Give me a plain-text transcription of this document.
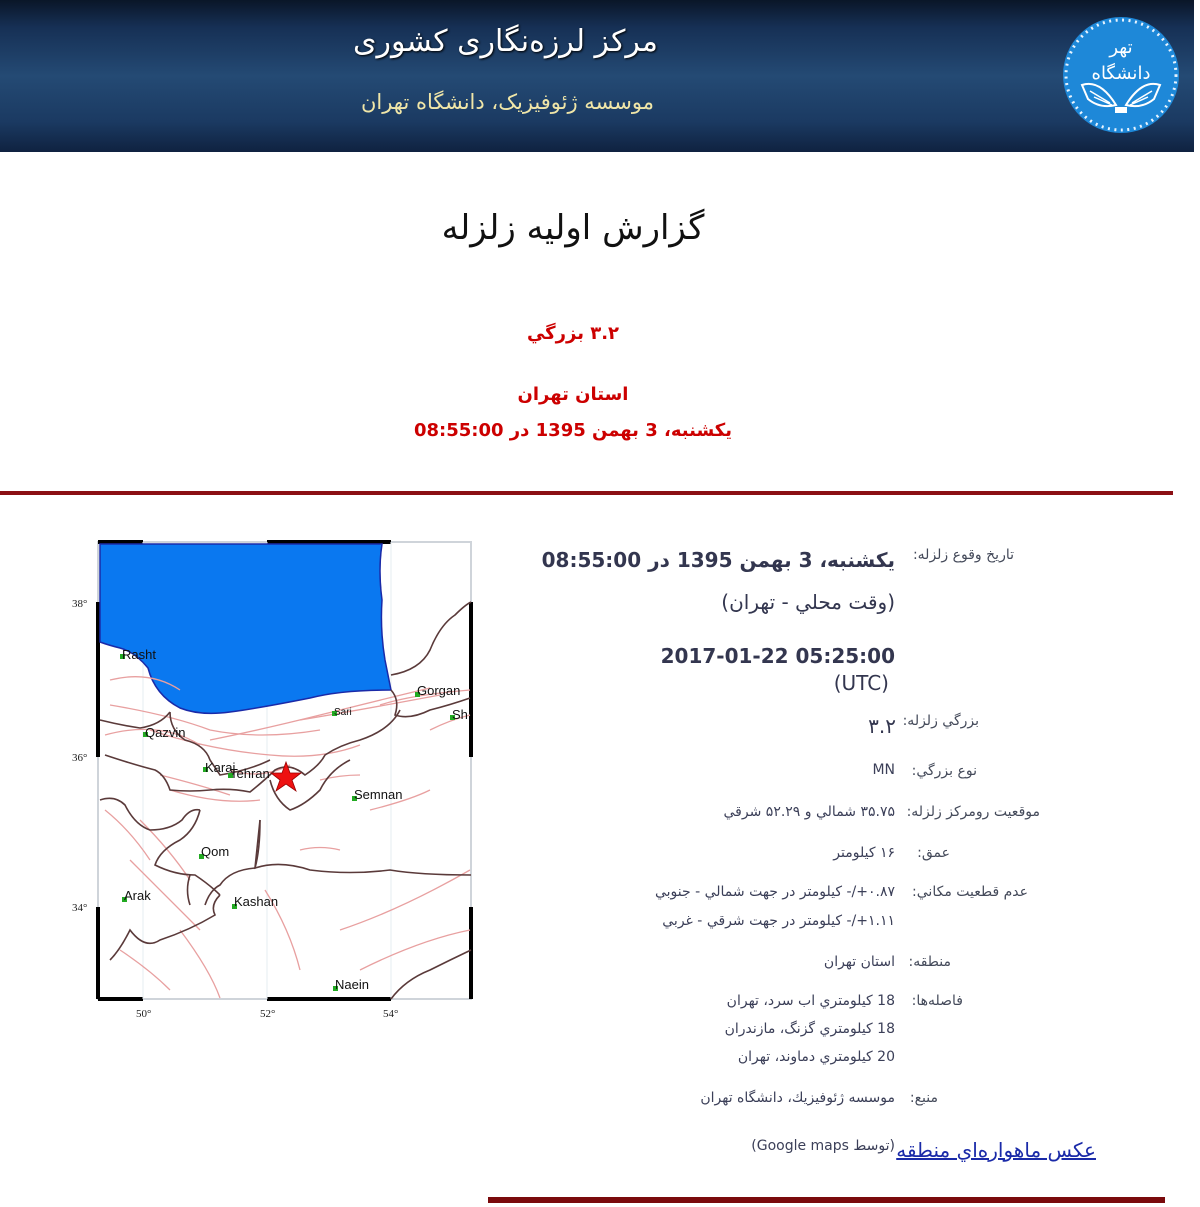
مرکز لرزه‌نگاری کشوری
موسسه ژئوفیزیک، دانشگاه تهران
ﺗﻬﺮ
ﺩﺍﻧﺸﮕﺎﻩ
گزارش اولیه زلزله
۳.۲ بزرگي
استان تهران
يكشنبه، 3 بهمن 1395 در 08:55:00
Rasht
Qazvin
Karaj
Tehran
Sari
Gorgan
Sh
Semnan
Qom
Arak	Kashan
Naein
38°
36°
34°
50°	52°	54°
تاريخ وقوع زلزله:
يكشنبه، 3 بهمن 1395 در 08:55:00
(وقت محلي - تهران)
2017-01-22 05:25:00
(UTC)
بزرگي زلزله:
۳.۲
نوع بزرگي:
MN
موقعيت رومركز زلزله:
۳۵.۷۵ شمالي و ۵۲.۲۹ شرقي
عمق:
۱۶ كيلومتر
عدم قطعيت مكاني:
۰.۸۷+/- كيلومتر در جهت شمالي - جنوبي
۱.۱۱+/- كيلومتر در جهت شرقي - غربي
منطقه:
استان تهران
فاصله‌ها:
18 كيلومتري اب سرد، تهران
18 كيلومتري گزنگ، مازندران
20 كيلومتري دماوند، تهران
منبع:
موسسه ژئوفيزيك، دانشگاه تهران
عكس ماهواره‌اي منطقه
(توسط Google maps)
